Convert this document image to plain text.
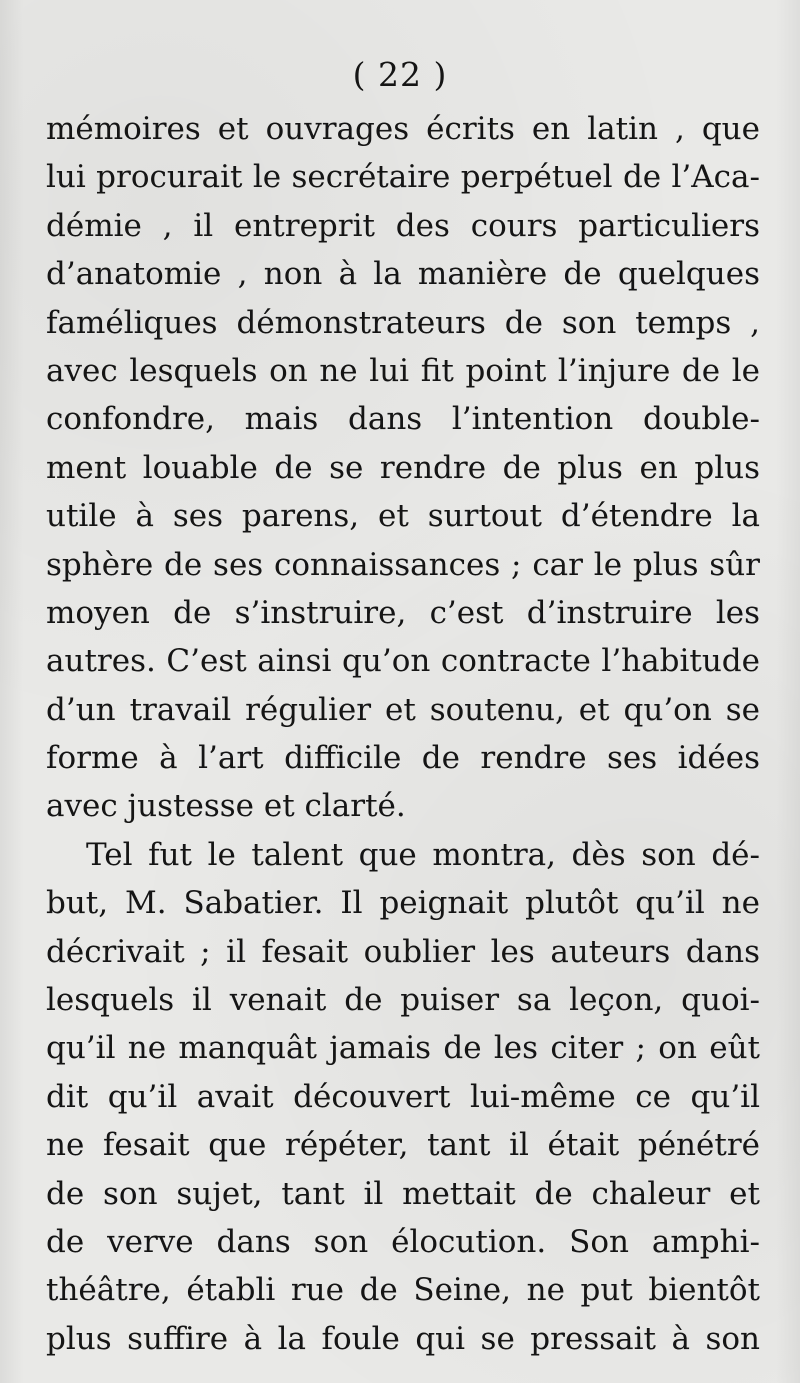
( 22 )
mémoires et ouvrages écrits en latin , que
lui procurait le secrétaire perpétuel de l’Aca-
démie , il entreprit des cours particuliers
d’anatomie , non à la manière de quelques
faméliques démonstrateurs de son temps ,
avec lesquels on ne lui fit point l’injure de le
confondre, mais dans l’intention double-
ment louable de se rendre de plus en plus
utile à ses parens, et surtout d’étendre la
sphère de ses connaissances ; car le plus sûr
moyen de s’instruire, c’est d’instruire les
autres. C’est ainsi qu’on contracte l’habitude
d’un travail régulier et soutenu, et qu’on se
forme à l’art difficile de rendre ses idées
avec justesse et clarté.
Tel fut le talent que montra, dès son dé-
but, M. Sabatier. Il peignait plutôt qu’il ne
décrivait ; il fesait oublier les auteurs dans
lesquels il venait de puiser sa leçon, quoi-
qu’il ne manquât jamais de les citer ; on eût
dit qu’il avait découvert lui-même ce qu’il
ne fesait que répéter, tant il était pénétré
de son sujet, tant il mettait de chaleur et
de verve dans son élocution. Son amphi-
théâtre, établi rue de Seine, ne put bientôt
plus suffire à la foule qui se pressait à son
